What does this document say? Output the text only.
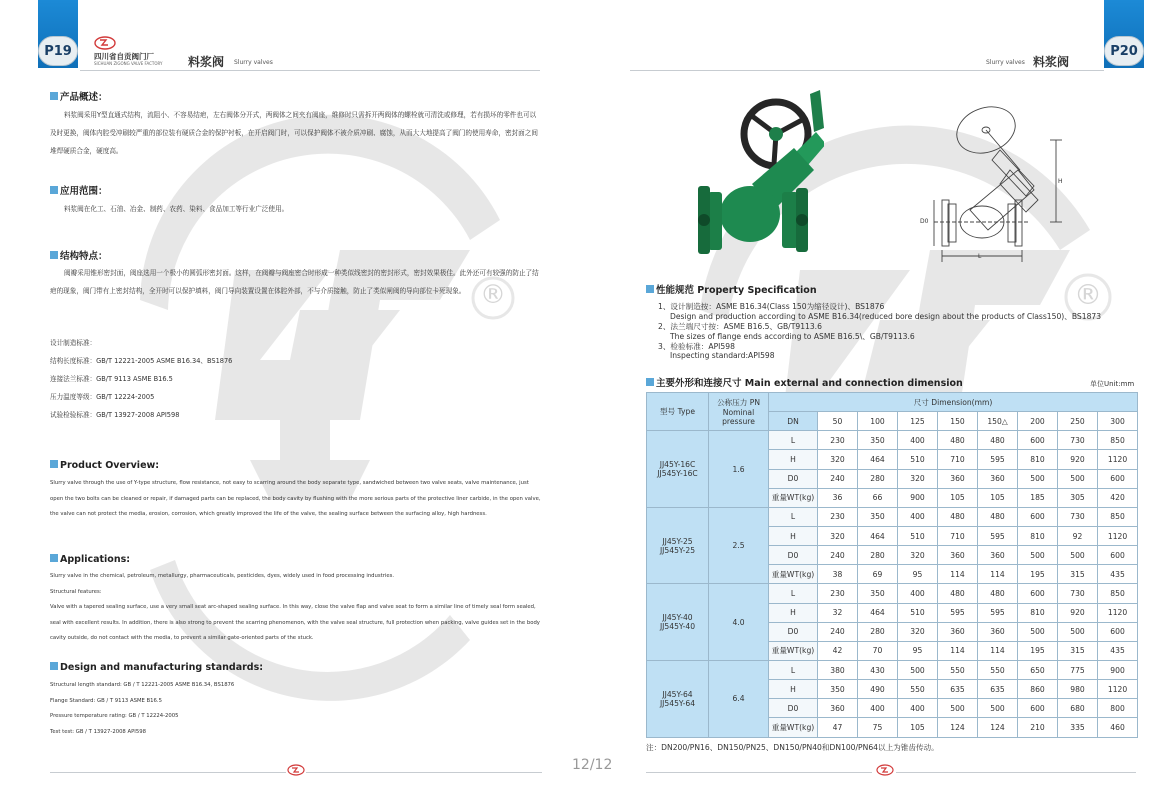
®	®
P19	P20
四川省自贡阀门厂
SICHUAN ZIGONG VALVE FACTORY 料浆阀 Slurry valves	Slurry valves 料浆阀
产品概述：
料浆阀采用Y型直通式结构，流阻小、不容易结疤，左右阀体分开式，两阀体之间夹有阀座，维修时只需拆开两阀体的螺栓就可清洗或修理，若有损坏的零件也可以及时更换，阀体内腔受冲刷较严重的部位装有硬质合金的保护衬板，在开启阀门时，可以保护阀体不被介质冲刷、腐蚀，从而大大地提高了阀门的使用寿命，密封面之间堆焊硬质合金，硬度高。
应用范围：
料浆阀在化工、石油、冶金、制药、农药、染料、食品加工等行业广泛使用。
结构特点：
阀瓣采用锥形密封面，阀座选用一个极小的圆弧形密封面。这样，在阀瓣与阀座密合时形成一种类似线密封的密封形式，密封效果极佳。此外还可有较强的防止了结疤的现象，阀门带有上密封结构，全开时可以保护填料，阀门导向装置设置在体腔外部，不与介质接触，防止了类似闸阀的导向部位卡死现象。
设计制造标准：
结构长度标准：GB/T 12221-2005 ASME B16.34、BS1876
连接法兰标准：GB/T 9113 ASME B16.5
压力温度等级：GB/T 12224-2005
试验检验标准：GB/T 13927-2008 API598
Product Overview:
Slurry valve through the use of Y-type structure, flow resistance, not easy to scarring around the body separate type, sandwiched between two valve seats, valve maintenance, just open the two bolts can be cleaned or repair, if damaged parts can be replaced, the body cavity by flushing with the more serious parts of the protective liner carbide, in the open valve, the valve can not protect the media, erosion, corrosion, which greatly improved the life of the valve, the sealing surface between the surfacing alloy, high hardness.
Applications:
Slurry valve in the chemical, petroleum, metallurgy, pharmaceuticals, pesticides, dyes, widely used in food processing industries.
Structural features:
Valve with a tapered sealing surface, use a very small seat arc-shaped sealing surface. In this way, close the valve flap and valve seat to form a similar line of timely seal form sealed, seal with excellent results. In addition, there is also strong to prevent the scarring phenomenon, with the valve seal structure, full protection when packing, valve guides set in the body cavity outside, do not contact with the media, to prevent a similar gate-oriented parts of the stuck.
Design and manufacturing standards:
Structural length standard: GB / T 12221-2005 ASME B16.34, BS1876
Flange Standard: GB / T 9113 ASME B16.5
Pressure temperature rating: GB / T 12224-2005
Test test: GB / T 13927-2008 API598
L
H
D0
性能规范 Property Specification
1、设计制造按：ASME B16.34(Class 150为缩径设计)、BS1876
Design and production according to ASME B16.34(reduced bore design about the products of Class150)、BS1873
2、法兰端尺寸按：ASME B16.5、GB/T9113.6
The sizes of flange ends according to ASME B16.5\、GB/T9113.6
3、检验标准：API598
Inspecting standard:API598
主要外形和连接尺寸 Main external and connection dimension	单位Unit:mm
型号 Type	公称压力 PN
Nominal pressure	尺寸 Dimension(mm)								
		DN	50	100	125	150	150△	200	250	300

JJ45Y-16C
JJ545Y-16C	1.6	L	230	350	400	480	480	600	730	850
		H	320	464	510	710	595	810	920	1120
		D0	240	280	320	360	360	500	500	600
		重量WT(kg)	36	66	900	105	105	185	305	420

JJ45Y-25
JJ545Y-25	2.5	L	230	350	400	480	480	600	730	850
		H	320	464	510	710	595	810	92	1120
		D0	240	280	320	360	360	500	500	600
		重量WT(kg)	38	69	95	114	114	195	315	435

JJ45Y-40
JJ545Y-40	4.0	L	230	350	400	480	480	600	730	850
		H	32	464	510	595	595	810	920	1120
		D0	240	280	320	360	360	500	500	600
		重量WT(kg)	42	70	95	114	114	195	315	435

JJ45Y-64
JJ545Y-64	6.4	L	380	430	500	550	550	650	775	900
		H	350	490	550	635	635	860	980	1120
		D0	360	400	400	500	500	600	680	800
		重量WT(kg)	47	75	105	124	124	210	335	460
注：DN200/PN16、DN150/PN25、DN150/PN40和DN100/PN64以上为锥齿传动。
12/12
